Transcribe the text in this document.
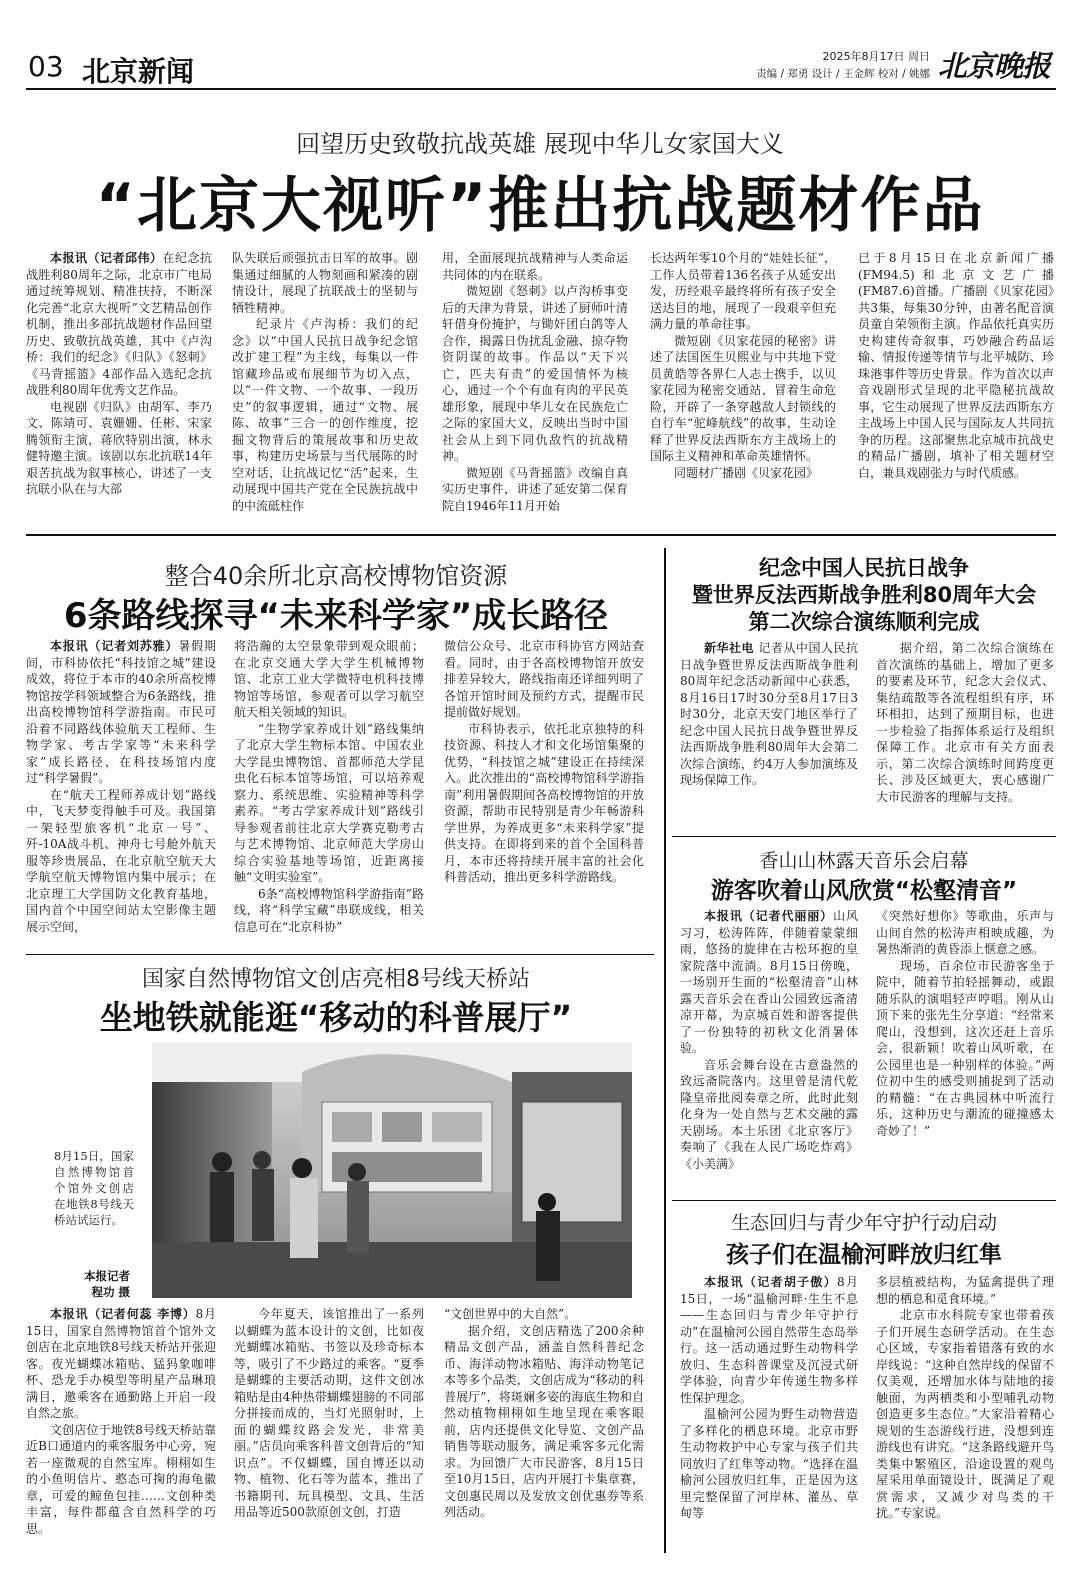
03 北京新闻	2025年8月17日 周日
责编 / 郑勇 设计 / 王金辉 校对 / 姚娜 北京晚报
回望历史致敬抗战英雄 展现中华儿女家国大义
“北京大视听”推出抗战题材作品

本报讯（记者邱伟）在纪念抗战胜利80周年之际，北京市广电局通过统筹规划、精准扶持，不断深化完善“北京大视听”文艺精品创作机制，推出多部抗战题材作品回望历史、致敬抗战英雄，其中《卢沟桥：我们的纪念》《归队》《怒刺》《马背摇篮》4部作品入选纪念抗战胜利80周年优秀文艺作品。

电视剧《归队》由胡军、李乃文、陈靖可、袁姗姗、任彬、宋家腾领衔主演，蒋欣特别出演，林永健特邀主演。该剧以东北抗联14年艰苦抗战为叙事核心，讲述了一支抗联小队在与大部

队失联后顽强抗击日军的故事。剧集通过细腻的人物刻画和紧凑的剧情设计，展现了抗联战士的坚韧与牺牲精神。

纪录片《卢沟桥：我们的纪念》以“中国人民抗日战争纪念馆改扩建工程”为主线，每集以一件馆藏珍品或布展细节为切入点，以“一件文物、一个故事、一段历史”的叙事逻辑，通过“文物、展陈、故事”三合一的创作维度，挖掘文物背后的策展故事和历史故事，构建历史场景与当代展陈的时空对话，让抗战记忆“活”起来，生动展现中国共产党在全民族抗战中的中流砥柱作

用，全面展现抗战精神与人类命运共同体的内在联系。

微短剧《怒刺》以卢沟桥事变后的天津为背景，讲述了厨师叶清轩借身份掩护，与锄奸团白鸽等人合作，揭露日伪扰乱金融、掠夺物资阴谋的故事。作品以“天下兴亡，匹夫有责”的爱国情怀为核心，通过一个个有血有肉的平民英雄形象，展现中华儿女在民族危亡之际的家国大义，反映出当时中国社会从上到下同仇敌忾的抗战精神。

微短剧《马背摇篮》改编自真实历史事件，讲述了延安第二保育院自1946年11月开始

长达两年零10个月的“娃娃长征”，工作人员带着136名孩子从延安出发，历经艰辛最终将所有孩子安全送达目的地，展现了一段艰辛但充满力量的革命往事。

微短剧《贝家花园的秘密》讲述了法国医生贝熙业与中共地下党员黄皓等各界仁人志士携手，以贝家花园为秘密交通站，冒着生命危险，开辟了一条穿越敌人封锁线的自行车“驼峰航线”的故事，生动诠释了世界反法西斯东方主战场上的国际主义精神和革命英雄情怀。

同题材广播剧《贝家花园》

已于8月15日在北京新闻广播(FM94.5)和北京文艺广播(FM87.6)首播。广播剧《贝家花园》共3集，每集30分钟，由著名配音演员童自荣领衔主演。作品依托真实历史构建传奇叙事，巧妙融合药品运输、情报传递等情节与北平城防、珍珠港事件等历史背景。作为首次以声音戏剧形式呈现的北平隐秘抗战故事，它生动展现了世界反法西斯东方主战场上中国人民与国际友人共同抗争的历程。这部聚焦北京城市抗战史的精品广播剧，填补了相关题材空白，兼具戏剧张力与时代质感。

整合40余所北京高校博物馆资源
6条路线探寻“未来科学家”成长路径

本报讯（记者刘苏雅）暑假期间，市科协依托“科技馆之城”建设成效，将位于本市的40余所高校博物馆按学科领域整合为6条路线，推出高校博物馆科学游指南。市民可沿着不同路线体验航天工程师、生物学家、考古学家等“未来科学家”成长路径，在科技场馆内度过“科学暑假”。

在“航天工程师养成计划”路线中，飞天梦变得触手可及。我国第一架轻型旅客机“北京一号”、歼-10A战斗机、神舟七号舱外航天服等珍贵展品，在北京航空航天大学航空航天博物馆内集中展示；在北京理工大学国防文化教育基地，国内首个中国空间站太空影像主题展示空间，

将浩瀚的太空景象带到观众眼前；在北京交通大学大学生机械博物馆、北京工业大学微特电机科技博物馆等场馆，参观者可以学习航空航天相关领域的知识。

“生物学家养成计划”路线集纳了北京大学生物标本馆、中国农业大学昆虫博物馆、首都师范大学昆虫化石标本馆等场馆，可以培养观察力、系统思维、实验精神等科学素养。“考古学家养成计划”路线引导参观者前往北京大学赛克勒考古与艺术博物馆、北京师范大学房山综合实验基地等场馆，近距离接触“文明实验室”。

6条“高校博物馆科学游指南”路线，将“科学宝藏”串联成线，相关信息可在“北京科协”

微信公众号、北京市科协官方网站查看。同时，由于各高校博物馆开放安排差异较大，路线指南还详细列明了各馆开馆时间及预约方式，提醒市民提前做好规划。

市科协表示，依托北京独特的科技资源、科技人才和文化场馆集聚的优势，“科技馆之城”建设正在持续深入。此次推出的“高校博物馆科学游指南”利用暑假期间各高校博物馆的开放资源，帮助市民特别是青少年畅游科学世界，为养成更多“未来科学家”提供支持。在即将到来的首个全国科普月，本市还将持续开展丰富的社会化科普活动，推出更多科学游路线。

纪念中国人民抗日战争
暨世界反法西斯战争胜利80周年大会
第二次综合演练顺利完成

新华社电 记者从中国人民抗日战争暨世界反法西斯战争胜利80周年纪念活动新闻中心获悉，8月16日17时30分至8月17日3时30分，北京天安门地区举行了纪念中国人民抗日战争暨世界反法西斯战争胜利80周年大会第二次综合演练，约4万人参加演练及现场保障工作。

据介绍，第二次综合演练在首次演练的基础上，增加了更多的要素及环节，纪念大会仪式、集结疏散等各流程组织有序，环环相扣，达到了预期目标，也进一步检验了指挥体系运行及组织保障工作。北京市有关方面表示，第二次综合演练时间跨度更长、涉及区域更大，衷心感谢广大市民游客的理解与支持。

香山山林露天音乐会启幕
游客吹着山风欣赏“松壑清音”

本报讯（记者代丽丽）山风习习，松涛阵阵，伴随着蒙蒙细雨，悠扬的旋律在古松环抱的皇家院落中流淌。8月15日傍晚，一场别开生面的“松壑清音”山林露天音乐会在香山公园致远斋清凉开幕，为京城百姓和游客提供了一份独特的初秋文化消暑体验。

音乐会舞台设在古意盎然的致远斋院落内。这里曾是清代乾隆皇帝批阅奏章之所，此时此刻化身为一处自然与艺术交融的露天剧场。本土乐团《北京客厅》奏响了《我在人民广场吃炸鸡》《小美满》

《突然好想你》等歌曲，乐声与山间自然的松涛声相映成趣，为暑热渐消的黄昏添上惬意之感。

现场，百余位市民游客坐于院中，随着节拍轻摇舞动，或跟随乐队的演唱轻声哼唱。刚从山顶下来的张先生分享道：“经常来爬山，没想到，这次还赶上音乐会，很新颖！吹着山风听歌，在公园里也是一种别样的体验。”两位初中生的感受则捕捉到了活动的精髓：“在古典园林中听流行乐，这种历史与潮流的碰撞感太奇妙了！”

生态回归与青少年守护行动启动
孩子们在温榆河畔放归红隼

本报讯（记者胡子傲）8月15日，一场“温榆河畔·生生不息——生态回归与青少年守护行动”在温榆河公园自然带生态岛举行。这一活动通过野生动物科学放归、生态科普课堂及沉浸式研学体验，向青少年传递生物多样性保护理念。

温榆河公园为野生动物营造了多样化的栖息环境。北京市野生动物救护中心专家与孩子们共同放归了红隼等动物。“选择在温榆河公园放归红隼，正是因为这里完整保留了河岸林、灌丛、草甸等

多层植被结构，为猛禽提供了理想的栖息和觅食环境。”

北京市水科院专家也带着孩子们开展生态研学活动。在生态心区域，专家指着错落有致的水岸线说：“这种自然岸线的保留不仅美观，还增加水体与陆地的接触面，为两栖类和小型哺乳动物创造更多生态位。”大家沿着精心规划的生态游线行进，没想到连游线也有讲究。“这条路线避开鸟类集中繁殖区，沿途设置的观鸟屋采用单面镜设计，既满足了观赏需求，又减少对鸟类的干扰。”专家说。

国家自然博物馆文创店亮相8号线天桥站
坐地铁就能逛“移动的科普展厅”
8月15日，国家自然博物馆首个馆外文创店在地铁8号线天桥站试运行。
本报记者
程功 摄

本报讯（记者何蕊 李博）8月15日，国家自然博物馆首个馆外文创店在北京地铁8号线天桥站开张迎客。夜光蝴蝶冰箱贴、猛犸象咖啡杯、恐龙手办模型等明星产品琳琅满目，邀乘客在通勤路上开启一段自然之旅。

文创店位于地铁8号线天桥站靠近B口通道内的乘客服务中心旁，宛若一座微观的自然宝库。栩栩如生的小鱼明信片、憨态可掬的海龟徽章，可爱的鲸鱼包挂……文创种类丰富，每件都蕴含自然科学的巧思。

今年夏天，该馆推出了一系列以蝴蝶为蓝本设计的文创，比如夜光蝴蝶冰箱贴、书签以及珍奇标本等，吸引了不少路过的乘客。“夏季是蝴蝶的主要活动期，这件文创冰箱贴是由4种热带蝴蝶翅膀的不同部分拼接而成的，当灯光照射时，上面的蝴蝶纹路会发光，非常美丽。”店员向乘客科普文创背后的“知识点”。不仅蝴蝶，国自博还以动物、植物、化石等为蓝本，推出了书籍期刊、玩具模型、文具、生活用品等近500款原创文创，打造

“文创世界中的大自然”。

据介绍，文创店精选了200余种精品文创产品，涵盖自然科普纪念币、海洋动物冰箱贴、海洋动物笔记本等多个品类，文创店成为“移动的科普展厅”，将斑斓多姿的海底生物和自然动植物栩栩如生地呈现在乘客眼前，店内还提供文化导览、文创产品销售等联动服务，满足乘客多元化需求。为回馈广大市民游客，8月15日至10月15日，店内开展打卡集章赛，文创惠民周以及发放文创优惠券等系列活动。
